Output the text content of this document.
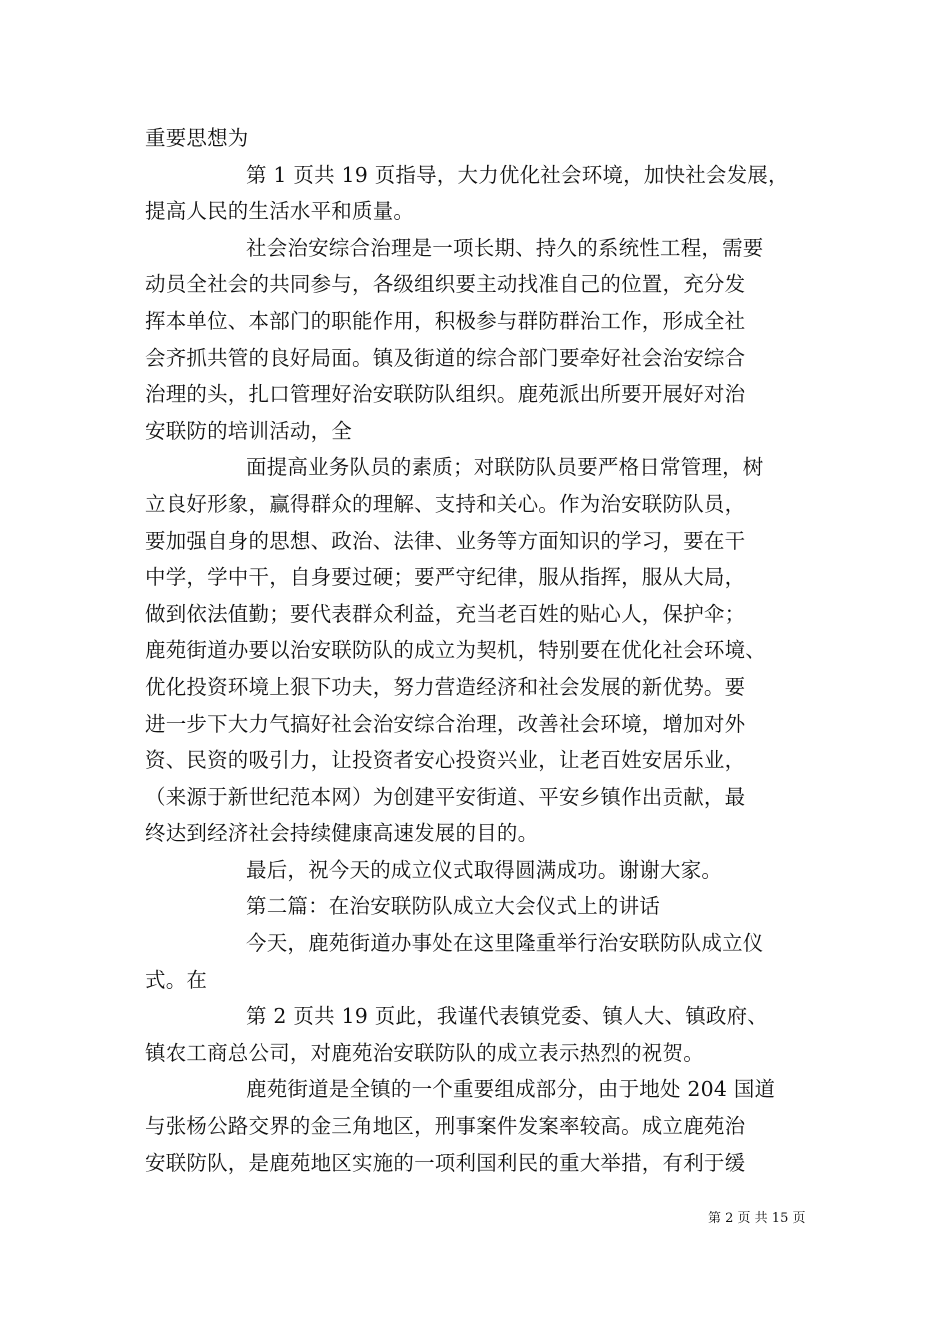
重要思想为
第 1 页共 19 页指导，大力优化社会环境，加快社会发展，
提高人民的生活水平和质量。
社会治安综合治理是一项长期、持久的系统性工程，需要
动员全社会的共同参与，各级组织要主动找准自己的位置，充分发
挥本单位、本部门的职能作用，积极参与群防群治工作，形成全社
会齐抓共管的良好局面。镇及街道的综合部门要牵好社会治安综合
治理的头，扎口管理好治安联防队组织。鹿苑派出所要开展好对治
安联防的培训活动，全
面提高业务队员的素质；对联防队员要严格日常管理，树
立良好形象，赢得群众的理解、支持和关心。作为治安联防队员，
要加强自身的思想、政治、法律、业务等方面知识的学习，要在干
中学，学中干，自身要过硬；要严守纪律，服从指挥，服从大局，
做到依法值勤；要代表群众利益，充当老百姓的贴心人，保护伞；
鹿苑街道办要以治安联防队的成立为契机，特别要在优化社会环境、
优化投资环境上狠下功夫，努力营造经济和社会发展的新优势。要
进一步下大力气搞好社会治安综合治理，改善社会环境，增加对外
资、民资的吸引力，让投资者安心投资兴业，让老百姓安居乐业，
（来源于新世纪范本网）为创建平安街道、平安乡镇作出贡献，最
终达到经济社会持续健康高速发展的目的。
最后，祝今天的成立仪式取得圆满成功。谢谢大家。
第二篇：在治安联防队成立大会仪式上的讲话
今天，鹿苑街道办事处在这里隆重举行治安联防队成立仪
式。在
第 2 页共 19 页此，我谨代表镇党委、镇人大、镇政府、
镇农工商总公司，对鹿苑治安联防队的成立表示热烈的祝贺。
鹿苑街道是全镇的一个重要组成部分，由于地处 204 国道
与张杨公路交界的金三角地区，刑事案件发案率较高。成立鹿苑治
安联防队，是鹿苑地区实施的一项利国利民的重大举措，有利于缓
第 2 页 共 15 页
